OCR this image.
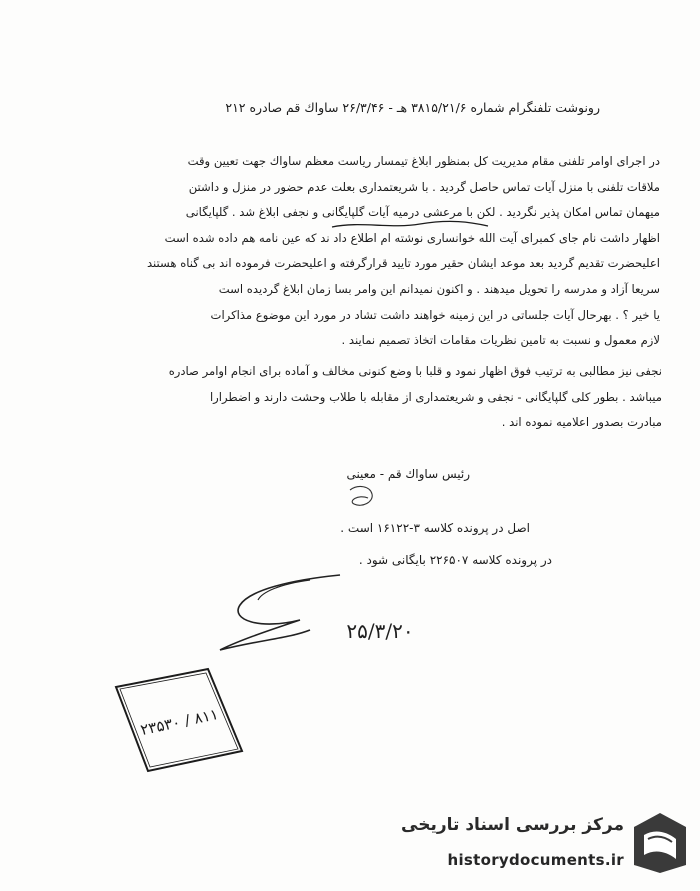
رونوشت تلفنگرام شماره ۳۸۱۵/۲۱/۶ هـ - ۲۶/۳/۴۶ ساواك قم صادره ۲۱۲
در اجرای اوامر تلفنی مقام مدیریت کل بمنظور ابلاغ تیمسار ریاست معظم ساواك جهت تعیین وقت
ملاقات تلفنی با منزل آیات تماس حاصل گردید . با شریعتمداری بعلت عدم حضور در منزل و داشتن
میهمان تماس امکان پذیر نگردید . لکن با مرعشی درمیه آیات گلپایگانی و نجفی ابلاغ شد . گلپایگانی
اظهار داشت نام جای کمبرای آیت الله خوانساری نوشته ام اطلاع داد ند که عین نامه هم داده شده است
اعلیحضرت تقدیم گردید بعد موعد ایشان حقیر مورد تایید قرارگرفته و اعلیحضرت فرموده اند بی گناه هستند
سریعا آزاد و مدرسه را تحویل میدهند . و اکنون نمیدانم این وامر بسا زمان ابلاغ گردیده است
یا خیر ؟ . بهرحال آیات جلساتی در این زمینه خواهند داشت تشاد در مورد این موضوع مذاکرات
لازم معمول و نسبت به تامین نظریات مقامات اتخاذ تصمیم نمایند .
نجفی نیز مطالبی به ترتیب فوق اظهار نمود و قلبا با وضع کنونی مخالف و آماده برای انجام اوامر صادره
میباشد . بطور کلی گلپایگانی - نجفی و شریعتمداری از مقابله با طلاب وحشت دارند و اضطرارا
مبادرت بصدور اعلامیه نموده اند .
رئیس ساواك قم - معینی
اصل در پرونده کلاسه ۳-۱۶۱۲۲ است .
در پرونده کلاسه ۲۲۶۵۰۷ بایگانی شود .
۲۵/۳/۲۰
۲۳۵۳۰ / ۸۱۱
مرکز بررسی اسناد تاریخی
historydocuments.ir
